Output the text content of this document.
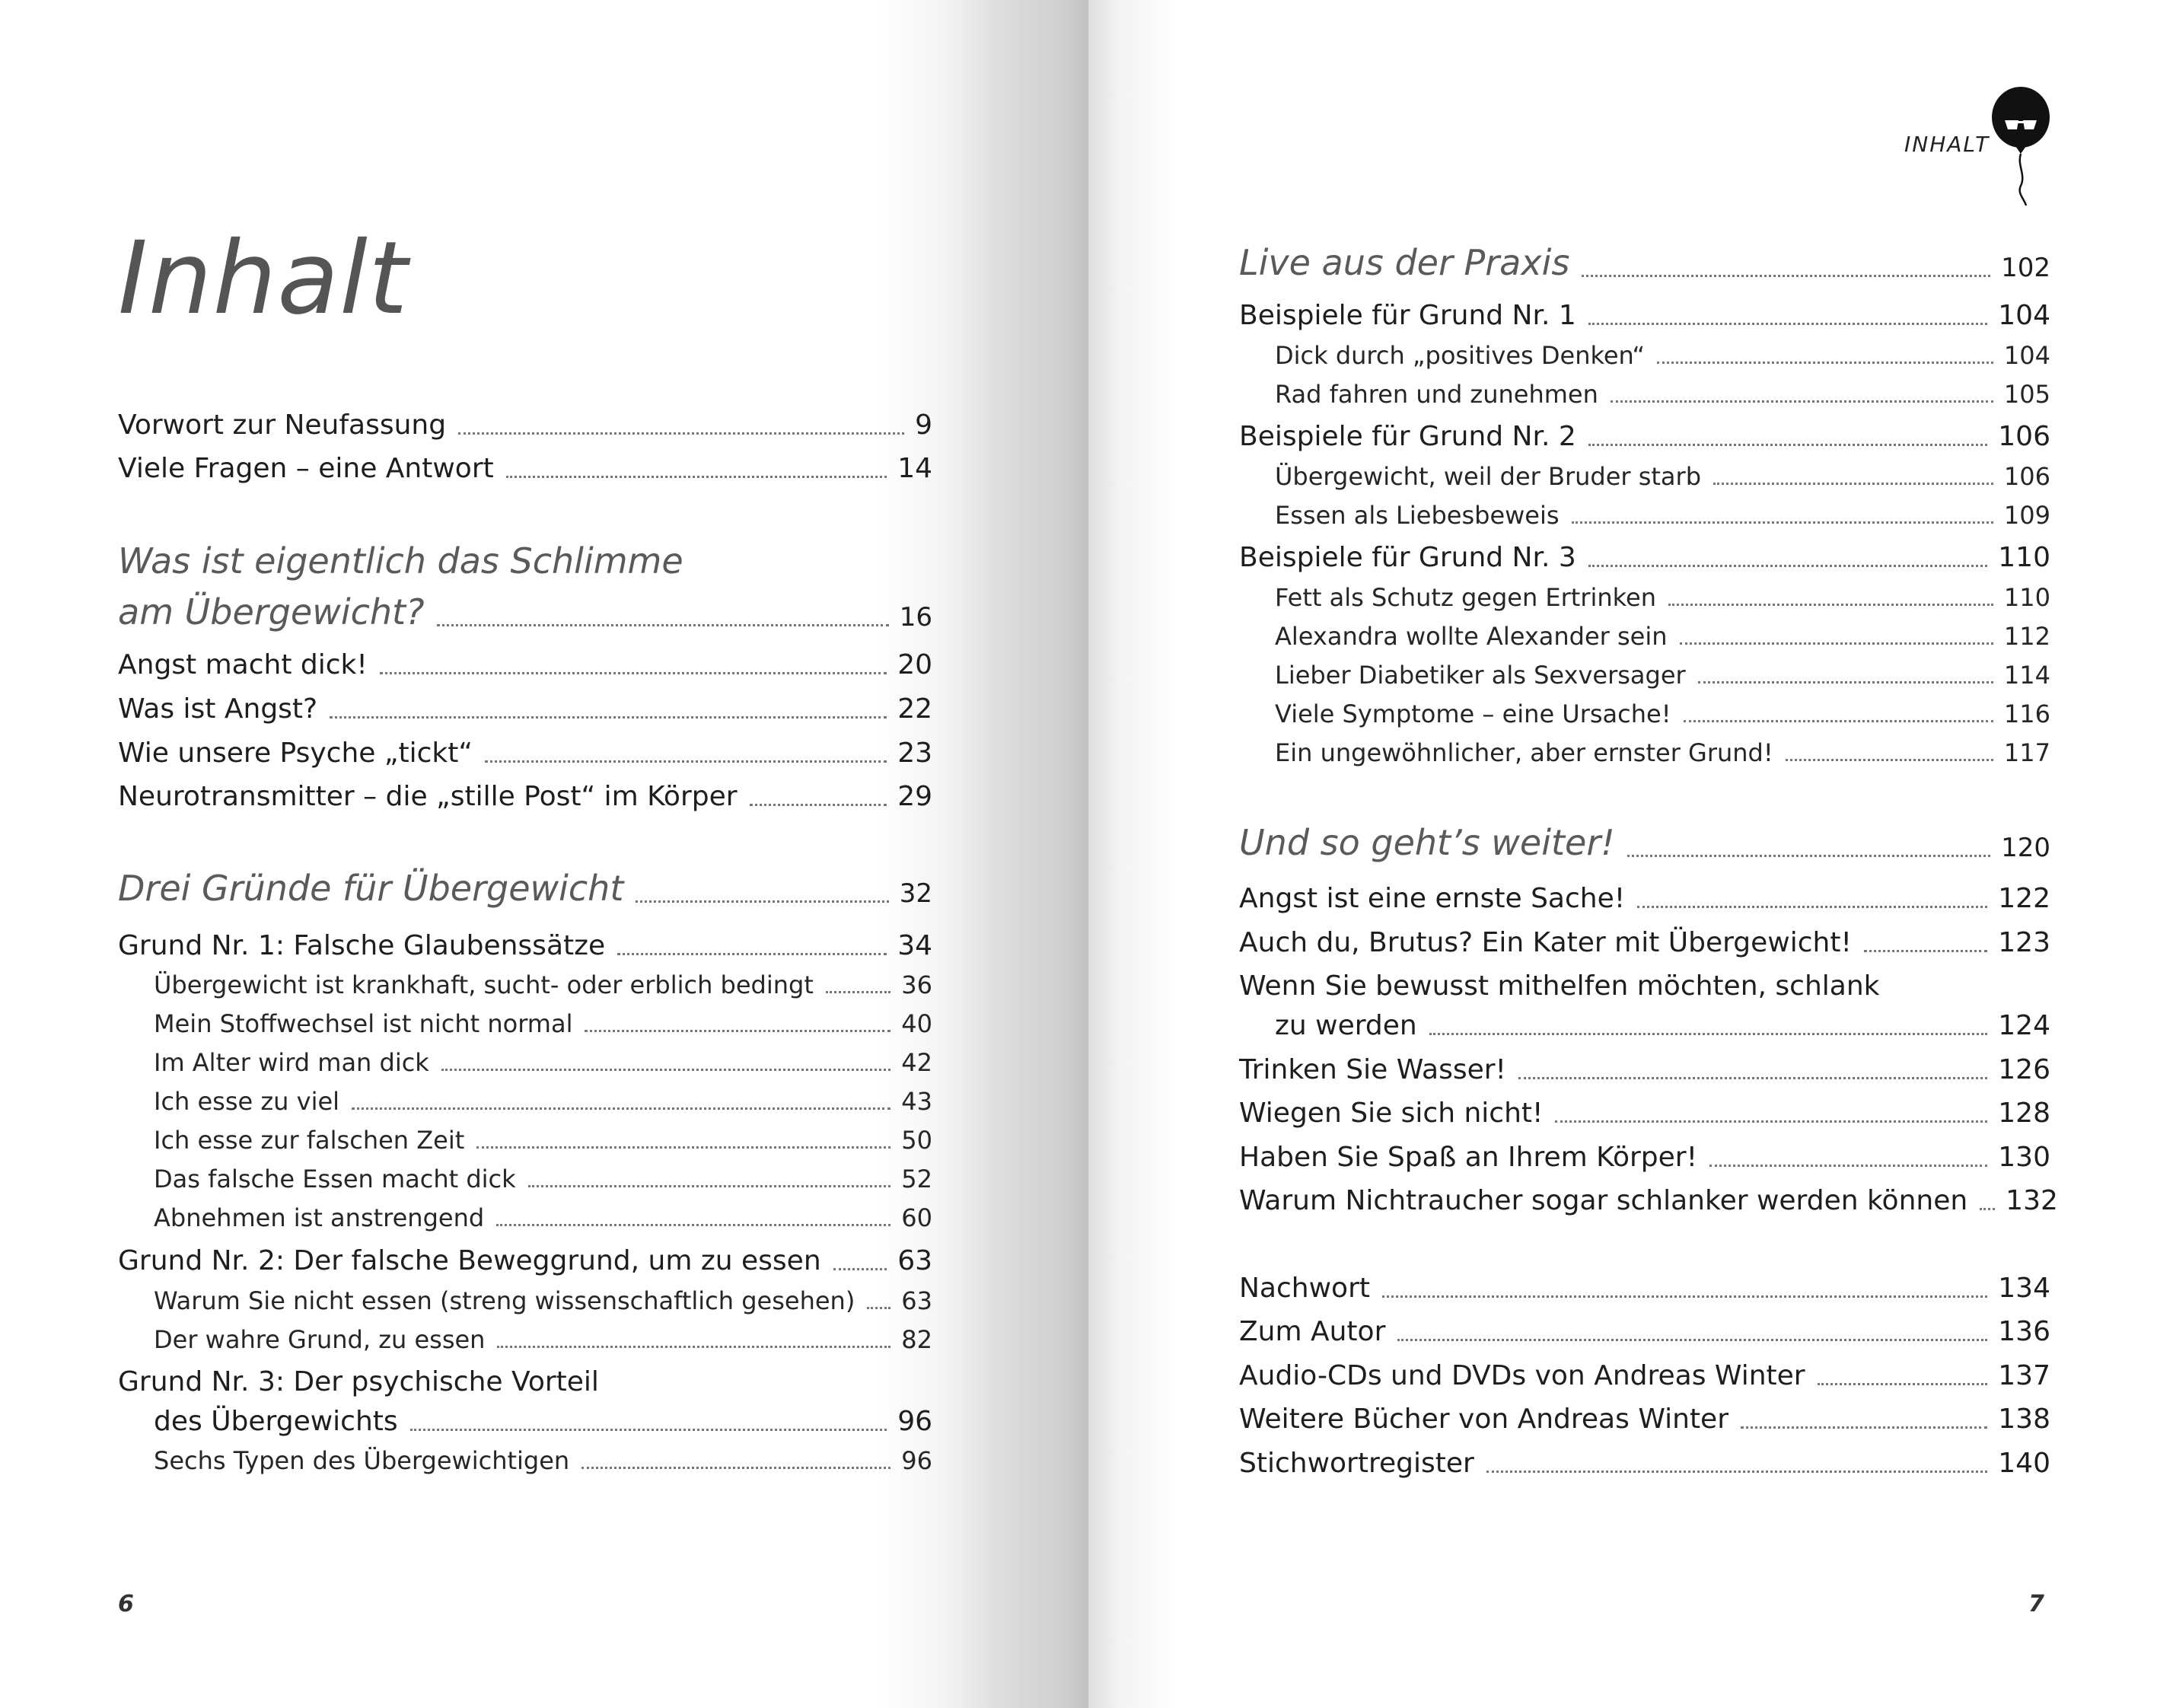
Inhalt
Vorwort zur Neufassung	9
Viele Fragen – eine Antwort	14
Was ist eigentlich das Schlimme
am Übergewicht?	16
Angst macht dick!	20
Was ist Angst?	22
Wie unsere Psyche „tickt“	23
Neurotransmitter – die „stille Post“ im Körper	29
Drei Gründe für Übergewicht	32
Grund Nr. 1: Falsche Glaubenssätze	34
Übergewicht ist krankhaft, sucht- oder erblich bedingt	36
Mein Stoffwechsel ist nicht normal	40
Im Alter wird man dick	42
Ich esse zu viel	43
Ich esse zur falschen Zeit	50
Das falsche Essen macht dick	52
Abnehmen ist anstrengend	60
Grund Nr. 2: Der falsche Beweggrund, um zu essen	63
Warum Sie nicht essen (streng wissenschaftlich gesehen) 63
Der wahre Grund, zu essen	82
Grund Nr. 3: Der psychische Vorteil
des Übergewichts	96
Sechs Typen des Übergewichtigen	96
6
INHALT
Live aus der Praxis	102
Beispiele für Grund Nr. 1	104
Dick durch „positives Denken“	104
Rad fahren und zunehmen	105
Beispiele für Grund Nr. 2	106
Übergewicht, weil der Bruder starb	106
Essen als Liebesbeweis	109
Beispiele für Grund Nr. 3	110
Fett als Schutz gegen Ertrinken	110
Alexandra wollte Alexander sein	112
Lieber Diabetiker als Sexversager	114
Viele Symptome – eine Ursache!	116
Ein ungewöhnlicher, aber ernster Grund!	117
Und so geht’s weiter!	120
Angst ist eine ernste Sache!	122
Auch du, Brutus? Ein Kater mit Übergewicht!	123
Wenn Sie bewusst mithelfen möchten, schlank
zu werden	124
Trinken Sie Wasser!	126
Wiegen Sie sich nicht!	128
Haben Sie Spaß an Ihrem Körper!	130
Warum Nichtraucher sogar schlanker werden können 132
Nachwort	134
Zum Autor	136
Audio-CDs und DVDs von Andreas Winter	137
Weitere Bücher von Andreas Winter	138
Stichwortregister	140
7
